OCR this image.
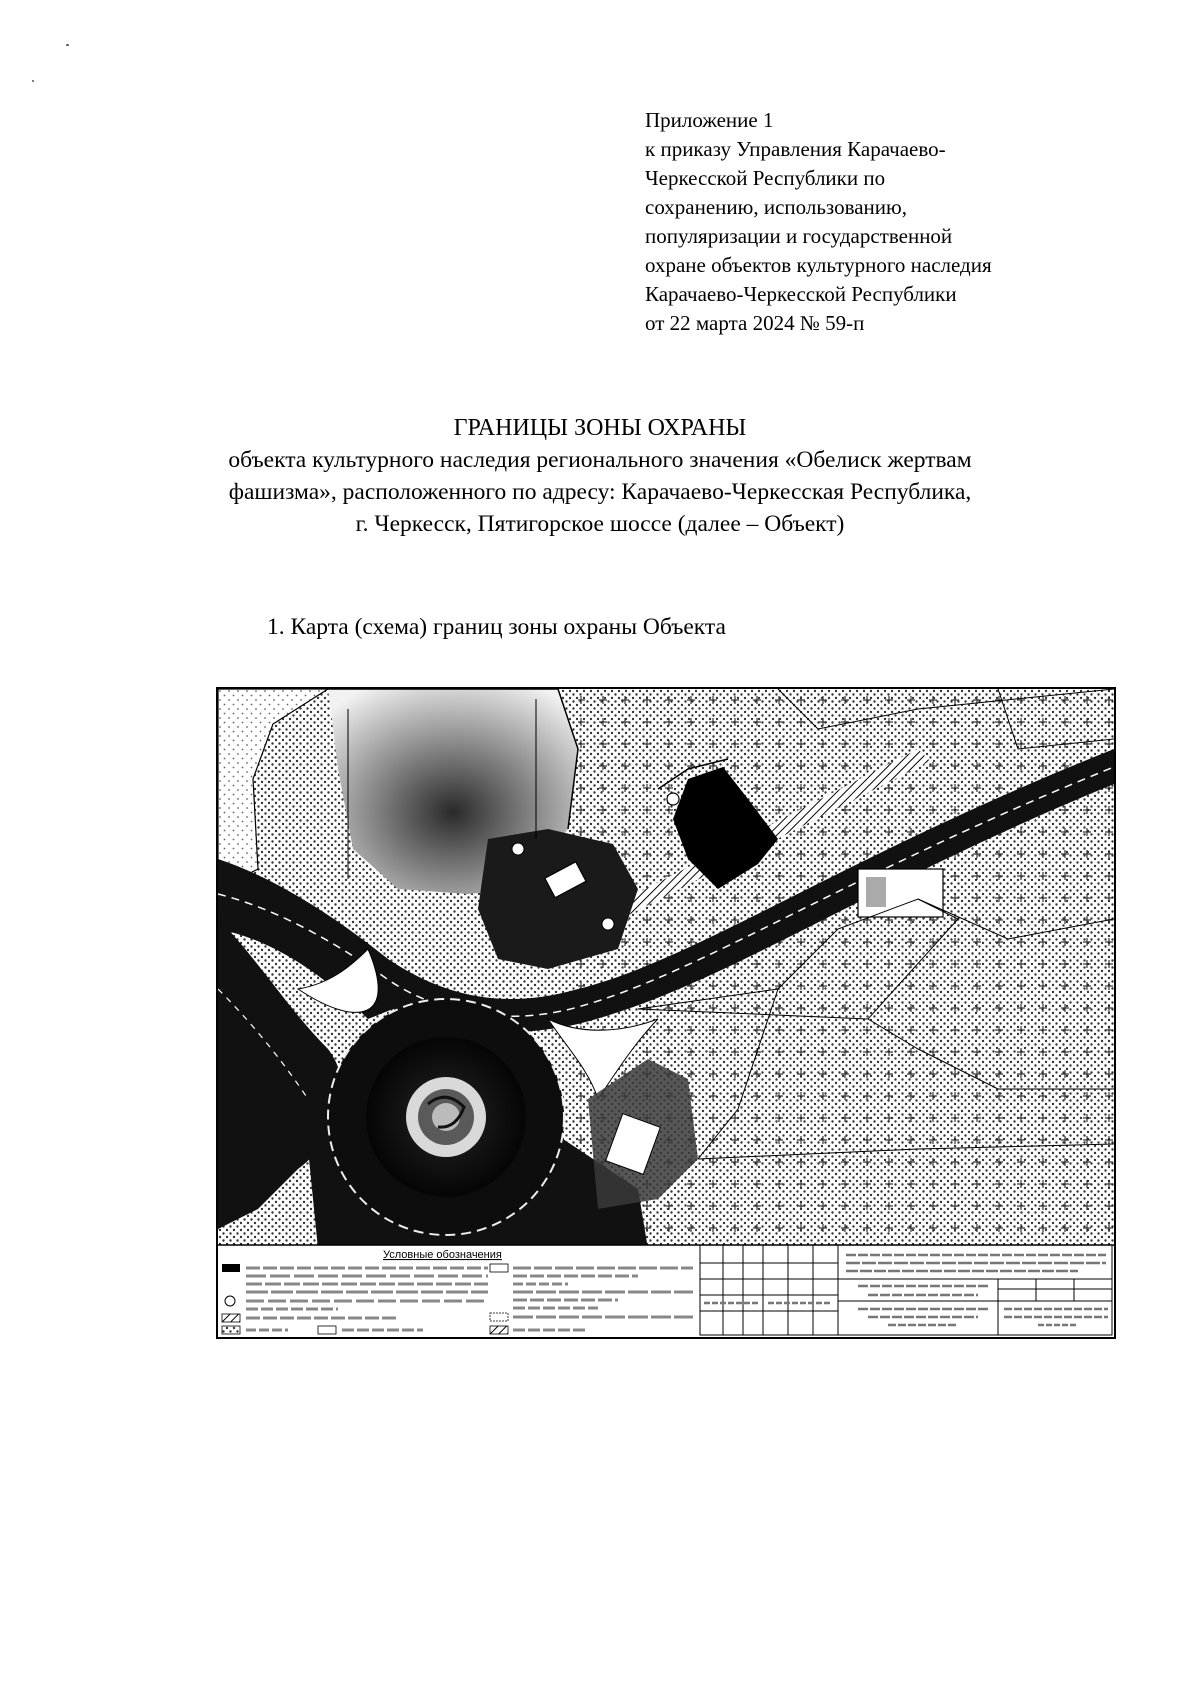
Приложение 1
к приказу Управления Карачаево-
Черкесской Республики по
сохранению, использованию,
популяризации и государственной
охране объектов культурного наследия
Карачаево-Черкесской Республики
от 22 марта 2024 № 59-п
ГРАНИЦЫ ЗОНЫ ОХРАНЫ
объекта культурного наследия регионального значения «Обелиск жертвам
фашизма», расположенного по адресу: Карачаево-Черкесская Республика,
г. Черкесск, Пятигорское шоссе (далее – Объект)
1. Карта (схема) границ зоны охраны Объекта
Условные обозначения
